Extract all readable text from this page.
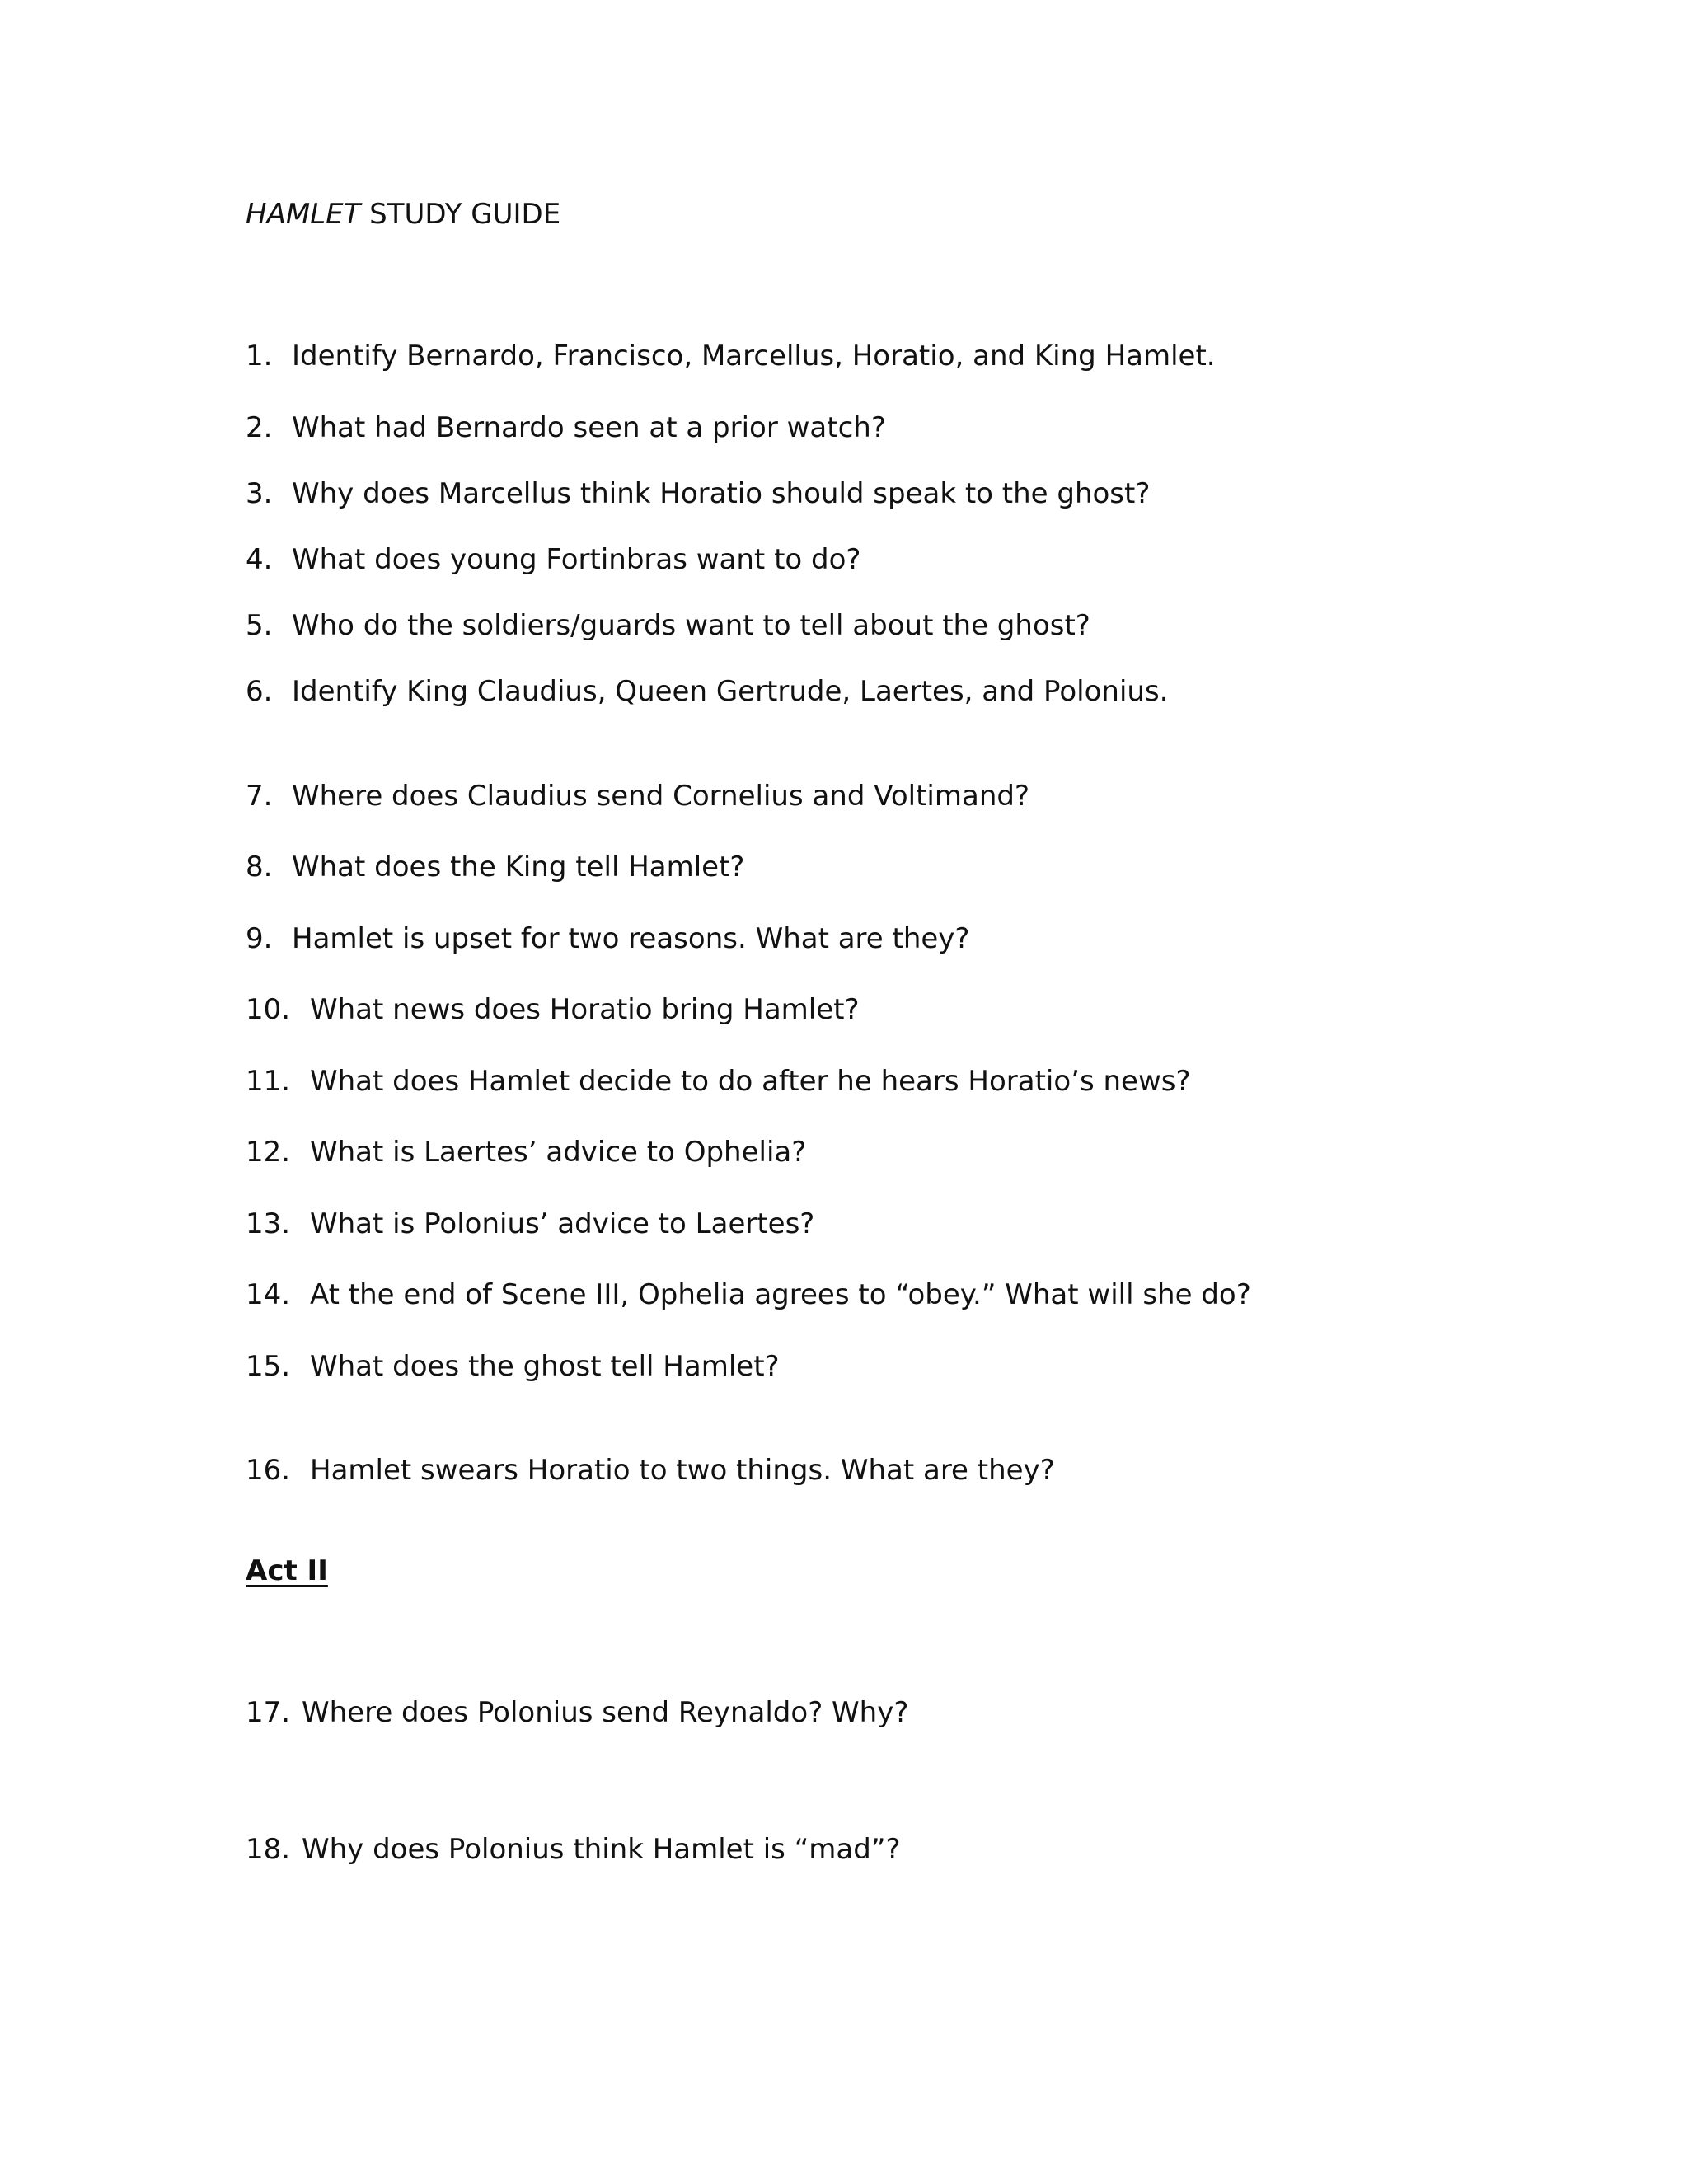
HAMLET STUDY GUIDE
1. Identify Bernardo, Francisco, Marcellus, Horatio, and King Hamlet.
2. What had Bernardo seen at a prior watch?
3. Why does Marcellus think Horatio should speak to the ghost?
4. What does young Fortinbras want to do?
5. Who do the soldiers/guards want to tell about the ghost?
6. Identify King Claudius, Queen Gertrude, Laertes, and Polonius.
7. Where does Claudius send Cornelius and Voltimand?
8. What does the King tell Hamlet?
9. Hamlet is upset for two reasons. What are they?
10. What news does Horatio bring Hamlet?
11. What does Hamlet decide to do after he hears Horatio’s news?
12. What is Laertes’ advice to Ophelia?
13. What is Polonius’ advice to Laertes?
14. At the end of Scene III, Ophelia agrees to “obey.” What will she do?
15. What does the ghost tell Hamlet?
16. Hamlet swears Horatio to two things. What are they?
Act II
17. Where does Polonius send Reynaldo? Why?
18. Why does Polonius think Hamlet is “mad”?
